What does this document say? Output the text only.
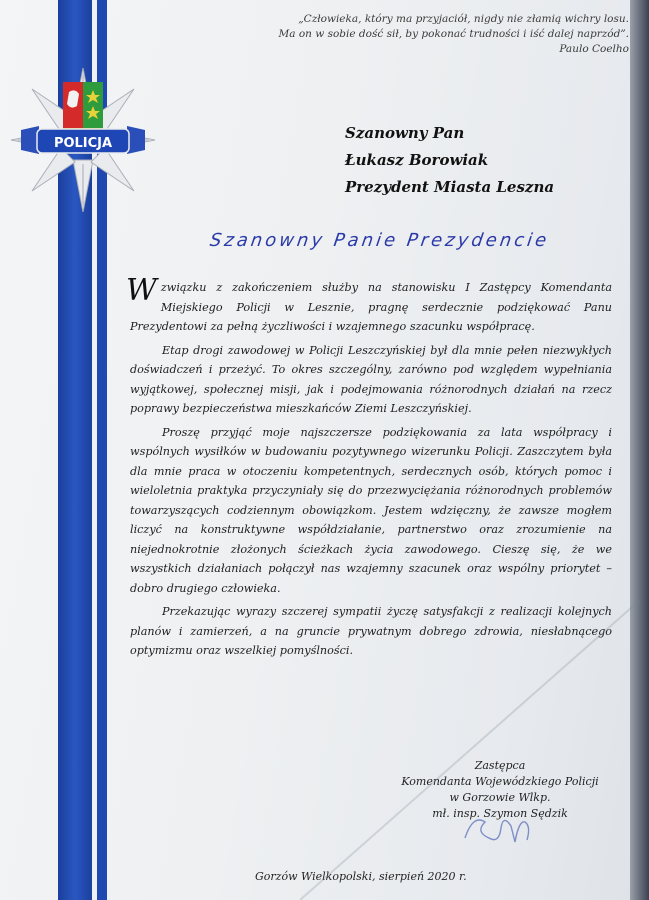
POLICJA
„Człowieka, który ma przyjaciół, nigdy nie złamią wichry losu.
Ma on w sobie dość sił, by pokonać trudności i iść dalej naprzód”.
Paulo Coelho
Szanowny Pan
Łukasz Borowiak
Prezydent Miasta Leszna
Szanowny Panie Prezydencie

W związku z zakończeniem służby na stanowisku I Zastępcy Komendanta Miejskiego Policji w Lesznie, pragnę serdecznie podziękować Panu Prezydentowi za pełną życzliwości i wzajemnego szacunku współpracę.

Etap drogi zawodowej w Policji Leszczyńskiej był dla mnie pełen niezwykłych doświadczeń i przeżyć. To okres szczególny, zarówno pod względem wypełniania wyjątkowej, społecznej misji, jak i podejmowania różnorodnych działań na rzecz poprawy bezpieczeństwa mieszkańców Ziemi Leszczyńskiej.

Proszę przyjąć moje najszczersze podziękowania za lata współpracy i wspólnych wysiłków w budowaniu pozytywnego wizerunku Policji. Zaszczytem była dla mnie praca w otoczeniu kompetentnych, serdecznych osób, których pomoc i wieloletnia praktyka przyczyniały się do przezwyciężania różnorodnych problemów towarzyszących codziennym obowiązkom. Jestem wdzięczny, że zawsze mogłem liczyć na konstruktywne współdziałanie, partnerstwo oraz zrozumienie na niejednokrotnie złożonych ścieżkach życia zawodowego. Cieszę się, że we wszystkich działaniach połączył nas wzajemny szacunek oraz wspólny priorytet – dobro drugiego człowieka.

Przekazując wyrazy szczerej sympatii życzę satysfakcji z realizacji kolejnych planów i zamierzeń, a na gruncie prywatnym dobrego zdrowia, niesłabnącego optymizmu oraz wszelkiej pomyślności.

Zastępca
Komendanta Wojewódzkiego Policji
w Gorzowie Wlkp.
mł. insp. Szymon Sędzik
Gorzów Wielkopolski, sierpień 2020 r.
